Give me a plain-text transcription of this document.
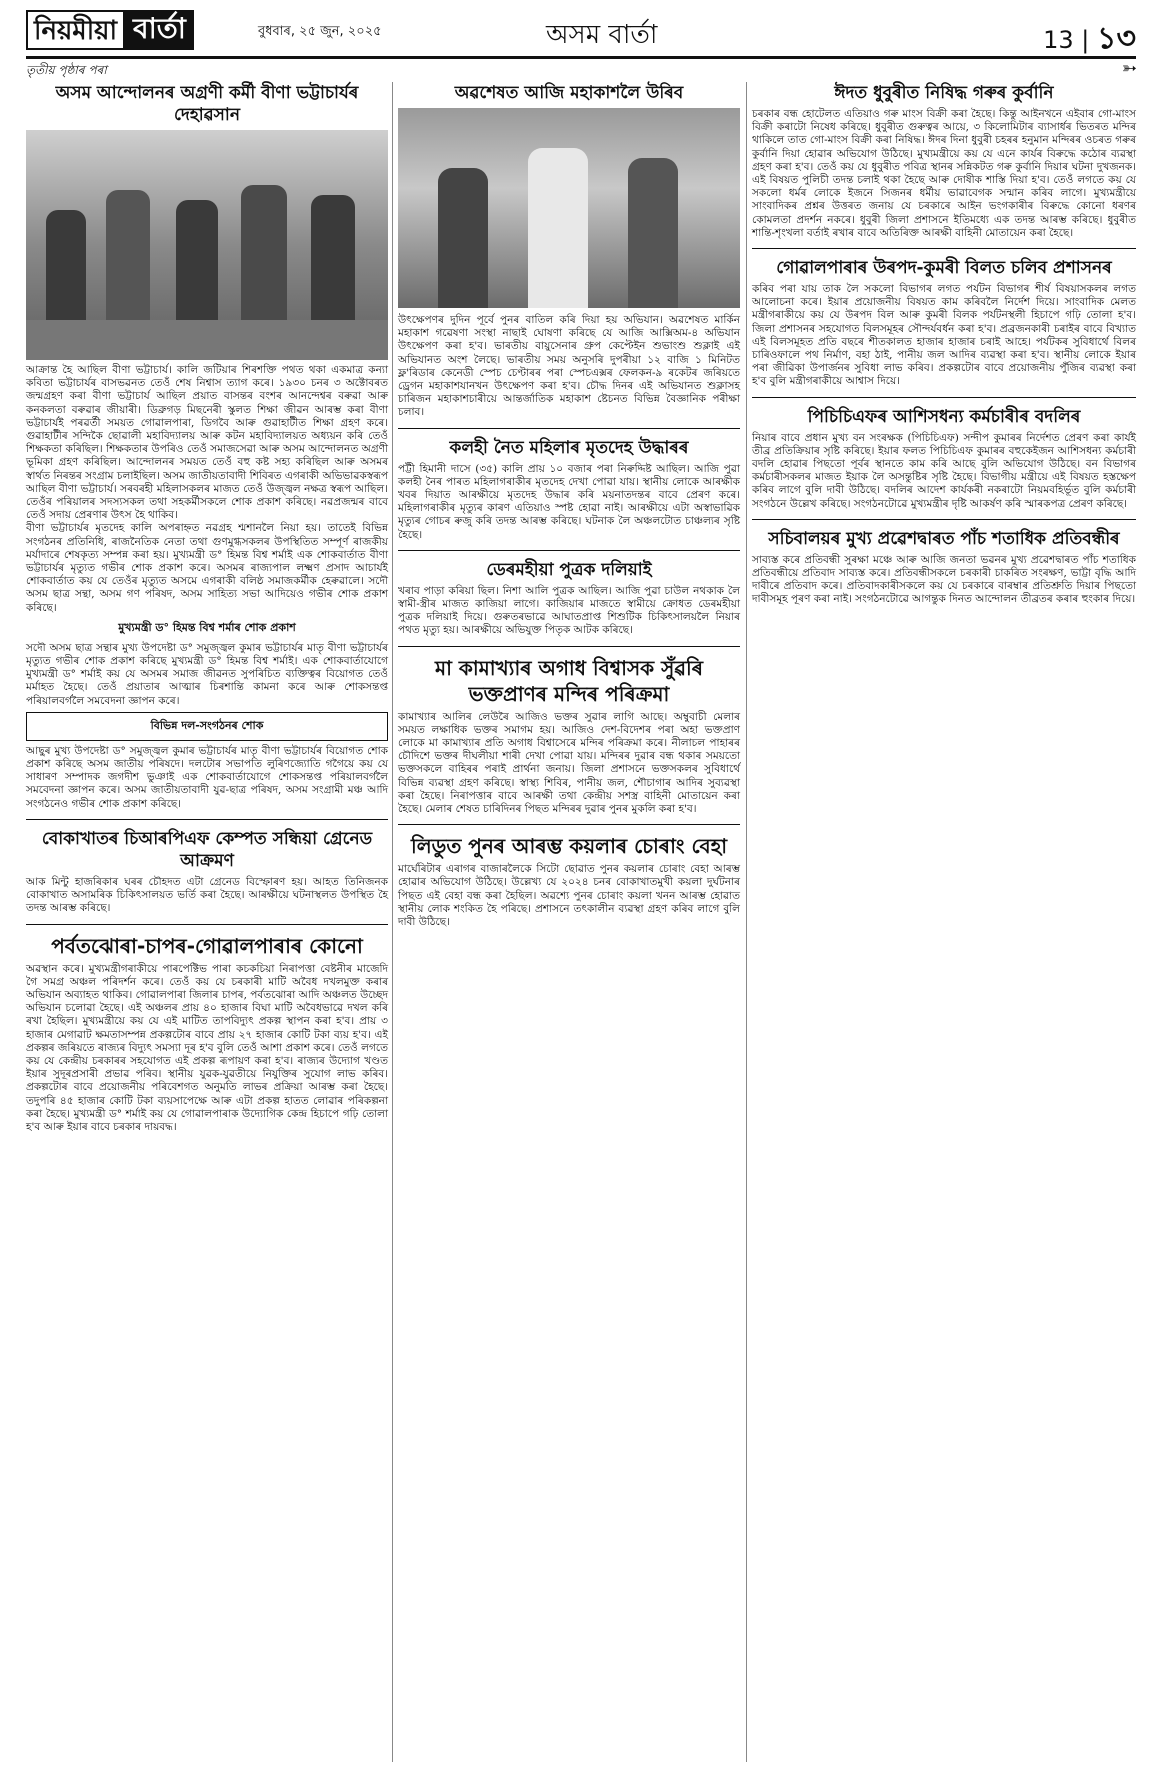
নিয়মীয়া বাৰ্তা	বুধবাৰ, ২৫ জুন, ২০২৫	অসম বাৰ্তা	13 | ১৩
তৃতীয় পৃষ্ঠাৰ পৰা	➳
অসম আন্দোলনৰ অগ্ৰণী কৰ্মী বীণা ভট্টাচাৰ্যৰ দেহাৱসান

আক্ৰান্ত হৈ আছিল বীণা ভট্টাচাৰ্য। কালি জটিয়াৰ শিৰশক্তি পথত থকা একমাত্ৰ কন্যা কবিতা ভট্টাচাৰ্যৰ বাসভৱনত তেওঁ শেষ নিশ্বাস ত্যাগ কৰে। ১৯৩০ চনৰ ৩ অক্টোবৰত জন্মগ্ৰহণ কৰা বীণা ভট্টাচাৰ্য আছিল প্ৰয়াত বাসন্তৰ বংশৰ আনন্দেশ্বৰ বৰুৱা আৰু কনকলতা বৰুৱাৰ জীয়াৰী। ডিব্ৰুগড় মিছনেৰী স্কুলত শিক্ষা জীৱন আৰম্ভ কৰা বীণা ভট্টাচাৰ্যই পৰৱৰ্তী সময়ত গোৱালপাৰা, ডিগবৈ আৰু গুৱাহাটীত শিক্ষা গ্ৰহণ কৰে। গুৱাহাটীৰ সন্দিকৈ ছোৱালী মহাবিদ্যালয় আৰু কটন মহাবিদ্যালয়ত অধ্যয়ন কৰি তেওঁ শিক্ষকতা কৰিছিল। শিক্ষকতাৰ উপৰিও তেওঁ সমাজসেৱা আৰু অসম আন্দোলনত অগ্ৰণী ভূমিকা গ্ৰহণ কৰিছিল। আন্দোলনৰ সময়ত তেওঁ বহু কষ্ট সহ্য কৰিছিল আৰু অসমৰ স্বাৰ্থত নিৰন্তৰ সংগ্ৰাম চলাইছিল। অসম জাতীয়তাবাদী শিবিৰত এগৰাকী অভিভাৱকস্বৰূপ আছিল বীণা ভট্টাচাৰ্য। সৰবৰহী মহিলাসকলৰ মাজত তেওঁ উজ্জ্বল নক্ষত্ৰ স্বৰূপ আছিল। তেওঁৰ পৰিয়ালৰ সদস্যসকল তথা সহকৰ্মীসকলে শোক প্ৰকাশ কৰিছে। নৱপ্ৰজন্মৰ বাবে তেওঁ সদায় প্ৰেৰণাৰ উৎস হৈ থাকিব।

বীণা ভট্টাচাৰ্যৰ মৃতদেহ কালি অপৰাহ্নত নৱগ্ৰহ শ্মশানলৈ নিয়া হয়। তাতেই বিভিন্ন সংগঠনৰ প্ৰতিনিধি, ৰাজনৈতিক নেতা তথা গুণমুগ্ধসকলৰ উপস্থিতিত সম্পূৰ্ণ ৰাজকীয় মৰ্যাদাৰে শেষকৃত্য সম্পন্ন কৰা হয়। মুখ্যমন্ত্ৰী ড° হিমন্ত বিশ্ব শৰ্মাই এক শোকবাৰ্তাত বীণা ভট্টাচাৰ্যৰ মৃত্যুত গভীৰ শোক প্ৰকাশ কৰে। অসমৰ ৰাজ্যপাল লক্ষ্মণ প্ৰসাদ আচাৰ্যই শোকবাৰ্তাত কয় যে তেওঁৰ মৃত্যুত অসমে এগৰাকী বলিষ্ঠ সমাজকৰ্মীক হেৰুৱালে। সদৌ অসম ছাত্ৰ সন্থা, অসম গণ পৰিষদ, অসম সাহিত্য সভা আদিয়েও গভীৰ শোক প্ৰকাশ কৰিছে।

মুখ্যমন্ত্ৰী ড° হিমন্ত বিশ্ব শৰ্মাৰ শোক প্ৰকাশ

সদৌ অসম ছাত্ৰ সন্থাৰ মুখ্য উপদেষ্টা ড° সমুজ্জ্বল কুমাৰ ভট্টাচাৰ্যৰ মাতৃ বীণা ভট্টাচাৰ্যৰ মৃত্যুত গভীৰ শোক প্ৰকাশ কৰিছে মুখ্যমন্ত্ৰী ড° হিমন্ত বিশ্ব শৰ্মাই। এক শোকবাৰ্তাযোগে মুখ্যমন্ত্ৰী ড° শৰ্মাই কয় যে অসমৰ সমাজ জীৱনত সুপৰিচিত ব্যক্তিত্বৰ বিয়োগত তেওঁ মৰ্মাহত হৈছে। তেওঁ প্ৰয়াতাৰ আত্মাৰ চিৰশান্তি কামনা কৰে আৰু শোকসন্তপ্ত পৰিয়ালবৰ্গলৈ সমবেদনা জ্ঞাপন কৰে।

বিভিন্ন দল-সংগঠনৰ শোক

আছুৰ মুখ্য উপদেষ্টা ড° সমুজ্জ্বল কুমাৰ ভট্টাচাৰ্যৰ মাতৃ বীণা ভট্টাচাৰ্যৰ বিয়োগত শোক প্ৰকাশ কৰিছে অসম জাতীয় পৰিষদে। দলটোৰ সভাপতি লুৰিণজ্যোতি গগৈয়ে কয় যে সাধাৰণ সম্পাদক জগদীশ ভুঞাই এক শোকবাৰ্তাযোগে শোকসন্তপ্ত পৰিয়ালবৰ্গলৈ সমবেদনা জ্ঞাপন কৰে। অসম জাতীয়তাবাদী যুৱ-ছাত্ৰ পৰিষদ, অসম সংগ্ৰামী মঞ্চ আদি সংগঠনেও গভীৰ শোক প্ৰকাশ কৰিছে।

বোকাখাতৰ চিআৰপিএফ কেম্পত সন্ধিয়া গ্ৰেনেড আক্ৰমণ

আক মিন্টু হাজৰিকাৰ ঘৰৰ চৌহদত এটা গ্ৰেনেড বিস্ফোৰণ হয়। আহত তিনিজনক বোকাখাত অসামৰিক চিকিৎসালয়ত ভৰ্তি কৰা হৈছে। আৰক্ষীয়ে ঘটনাস্থলত উপস্থিত হৈ তদন্ত আৰম্ভ কৰিছে।

পৰ্বতঝোৰা-চাপৰ-গোৱালপাৰাৰ কোনো

অৱস্থান কৰে। মুখ্যমন্ত্ৰীগৰাকীয়ে পাৰপেক্টিভ পাৰা কচকচিয়া নিৰাপত্তা বেষ্টনীৰ মাজেদি গৈ সমগ্ৰ অঞ্চল পৰিদৰ্শন কৰে। তেওঁ কয় যে চৰকাৰী মাটি অবৈধ দখলমুক্ত কৰাৰ অভিযান অব্যাহত থাকিব। গোৱালপাৰা জিলাৰ চাপৰ, পৰ্বতঝোৰা আদি অঞ্চলত উচ্ছেদ অভিযান চলোৱা হৈছে। এই অঞ্চলৰ প্ৰায় ৪০ হাজাৰ বিঘা মাটি অবৈধভাৱে দখল কৰি ৰখা হৈছিল। মুখ্যমন্ত্ৰীয়ে কয় যে এই মাটিত তাপবিদ্যুৎ প্ৰকল্প স্থাপন কৰা হ'ব। প্ৰায় ৩ হাজাৰ মেগাৱাট ক্ষমতাসম্পন্ন প্ৰকল্পটোৰ বাবে প্ৰায় ২৭ হাজাৰ কোটি টকা ব্যয় হ'ব। এই প্ৰকল্পৰ জৰিয়তে ৰাজ্যৰ বিদ্যুৎ সমস্যা দূৰ হ'ব বুলি তেওঁ আশা প্ৰকাশ কৰে। তেওঁ লগতে কয় যে কেন্দ্ৰীয় চৰকাৰৰ সহযোগত এই প্ৰকল্প ৰূপায়ণ কৰা হ'ব। ৰাজ্যৰ উদ্যোগ খণ্ডত ইয়াৰ সুদূৰপ্ৰসাৰী প্ৰভাৱ পৰিব। স্থানীয় যুৱক-যুৱতীয়ে নিযুক্তিৰ সুযোগ লাভ কৰিব। প্ৰকল্পটোৰ বাবে প্ৰয়োজনীয় পৰিবেশগত অনুমতি লাভৰ প্ৰক্ৰিয়া আৰম্ভ কৰা হৈছে। তদুপৰি ৪৫ হাজাৰ কোটি টকা ব্যয়সাপেক্ষে আৰু এটা প্ৰকল্প হাতত লোৱাৰ পৰিকল্পনা কৰা হৈছে। মুখ্যমন্ত্ৰী ড° শৰ্মাই কয় যে গোৱালপাৰাক উদ্যোগিক কেন্দ্ৰ হিচাপে গঢ়ি তোলা হ'ব আৰু ইয়াৰ বাবে চৰকাৰ দায়বদ্ধ।

অৱশেষত আজি মহাকাশলৈ উৰিব

উৎক্ষেপণৰ দুদিন পূৰ্বে পুনৰ বাতিল কৰি দিয়া হয় অভিযান। অৱশেষত মাৰ্কিন মহাকাশ গৱেষণা সংস্থা নাছাই ঘোষণা কৰিছে যে আজি আক্সিঅম-৪ অভিযান উৎক্ষেপণ কৰা হ'ব। ভাৰতীয় বায়ুসেনাৰ গ্ৰুপ কেপ্টেইন শুভাংশু শুক্লাই এই অভিযানত অংশ লৈছে। ভাৰতীয় সময় অনুসৰি দুপৰীয়া ১২ বাজি ১ মিনিটত ফ্ল'ৰিডাৰ কেনেডী স্পেচ চেণ্টাৰৰ পৰা স্পেচএক্সৰ ফেলকন-৯ ৰকেটৰ জৰিয়তে ড্ৰেগন মহাকাশযানখন উৎক্ষেপণ কৰা হ'ব। চৌদ্ধ দিনৰ এই অভিযানত শুক্লাসহ চাৰিজন মহাকাশচাৰীয়ে আন্তৰ্জাতিক মহাকাশ ষ্টেচনত বিভিন্ন বৈজ্ঞানিক পৰীক্ষা চলাব।

কলহী নৈত মহিলাৰ মৃতদেহ উদ্ধাৰৰ

পট্টী হিমানী দাসে (৩৫) কালি প্ৰায় ১০ বজাৰ পৰা নিৰুদ্দিষ্ট আছিল। আজি পুৱা কলহী নৈৰ পাৰত মহিলাগৰাকীৰ মৃতদেহ দেখা পোৱা যায়। স্থানীয় লোকে আৰক্ষীক খবৰ দিয়াত আৰক্ষীয়ে মৃতদেহ উদ্ধাৰ কৰি ময়নাতদন্তৰ বাবে প্ৰেৰণ কৰে। মহিলাগৰাকীৰ মৃত্যুৰ কাৰণ এতিয়াও স্পষ্ট হোৱা নাই। আৰক্ষীয়ে এটা অস্বাভাৱিক মৃত্যুৰ গোচৰ ৰুজু কৰি তদন্ত আৰম্ভ কৰিছে। ঘটনাক লৈ অঞ্চলটোত চাঞ্চল্যৰ সৃষ্টি হৈছে।

ডেৰমহীয়া পুত্ৰক দলিয়াই

খৰাব পাড়া কৰিয়া ছিল। নিশা আলি পুত্ৰক আছিল। আজি পুৱা চাউল নথকাক লৈ স্বামী-স্ত্ৰীৰ মাজত কাজিয়া লাগে। কাজিয়াৰ মাজতে স্বামীয়ে ক্ৰোধত ডেৰমহীয়া পুত্ৰক দলিয়াই দিয়ে। গুৰুতৰভাৱে আঘাতপ্ৰাপ্ত শিশুটিক চিকিৎসালয়লৈ নিয়াৰ পথত মৃত্যু হয়। আৰক্ষীয়ে অভিযুক্ত পিতৃক আটক কৰিছে।

মা কামাখ্যাৰ অগাধ বিশ্বাসক সুঁৱৰি ভক্তপ্ৰাণৰ মন্দিৰ পৰিক্ৰমা

কামাখ্যাৰ আলিৰ লেউৰৈ আজিও ভক্তৰ সুৱাৰ লাগি আছে। অম্বুবাচী মেলাৰ সময়ত লক্ষাধিক ভক্তৰ সমাগম হয়। আজিও দেশ-বিদেশৰ পৰা অহা ভক্তপ্ৰাণ লোকে মা কামাখ্যাৰ প্ৰতি অগাধ বিশ্বাসেৰে মন্দিৰ পৰিক্ৰমা কৰে। নীলাচল পাহাৰৰ চৌদিশে ভক্তৰ দীঘলীয়া শাৰী দেখা পোৱা যায়। মন্দিৰৰ দুৱাৰ বন্ধ থকাৰ সময়তো ভক্তসকলে বাহিৰৰ পৰাই প্ৰাৰ্থনা জনায়। জিলা প্ৰশাসনে ভক্তসকলৰ সুবিধাৰ্থে বিভিন্ন ব্যৱস্থা গ্ৰহণ কৰিছে। স্বাস্থ্য শিবিৰ, পানীয় জল, শৌচাগাৰ আদিৰ সুব্যৱস্থা কৰা হৈছে। নিৰাপত্তাৰ বাবে আৰক্ষী তথা কেন্দ্ৰীয় সশস্ত্ৰ বাহিনী মোতায়েন কৰা হৈছে। মেলাৰ শেষত চাৰিদিনৰ পিছত মন্দিৰৰ দুৱাৰ পুনৰ মুকলি কৰা হ'ব।

লিডুত পুনৰ আৰম্ভ কয়লাৰ চোৰাং বেহা

মাৰ্ঘেৰিটাৰ এৰাগৰ বাজাৰলৈকে সিটো ছোৱাত পুনৰ কয়লাৰ চোৰাং বেহা আৰম্ভ হোৱাৰ অভিযোগ উঠিছে। উল্লেখ্য যে ২০২৪ চনৰ বোকাখাতমুখী কয়লা দুৰ্ঘটনাৰ পিছত এই বেহা বন্ধ কৰা হৈছিল। অৱশ্যে পুনৰ চোৰাং কয়লা খনন আৰম্ভ হোৱাত স্থানীয় লোক শংকিত হৈ পৰিছে। প্ৰশাসনে তৎকালীন ব্যৱস্থা গ্ৰহণ কৰিব লাগে বুলি দাবী উঠিছে।

ঈদত ধুবুৰীত নিষিদ্ধ গৰুৰ কুৰ্বানি

চৰকাৰ বন্ধ হোটেলত এতিয়াও গৰু মাংস বিক্ৰী কৰা হৈছে। কিন্তু আইনখনে এইবাৰ গো-মাংস বিক্ৰী কৰাটো নিষেধ কৰিছে। ধুবুৰীত গুৰুত্বৰ আয়ে, ৩ কিলোমিটাৰ ব্যাসাৰ্ধৰ ভিতৰত মন্দিৰ থাকিলে তাত গো-মাংস বিক্ৰী কৰা নিষিদ্ধ। ঈদৰ দিনা ধুবুৰী চহৰৰ হনুমান মন্দিৰৰ ওচৰত গৰুৰ কুৰ্বানি দিয়া হোৱাৰ অভিযোগ উঠিছে। মুখ্যমন্ত্ৰীয়ে কয় যে এনে কাৰ্যৰ বিৰুদ্ধে কঠোৰ ব্যৱস্থা গ্ৰহণ কৰা হ'ব। তেওঁ কয় যে ধুবুৰীত পবিত্ৰ স্থানৰ সন্নিকটত গৰু কুৰ্বানি দিয়াৰ ঘটনা দুখজনক। এই বিষয়ত পুলিচী তদন্ত চলাই থকা হৈছে আৰু দোষীক শাস্তি দিয়া হ'ব। তেওঁ লগতে কয় যে সকলো ধৰ্মৰ লোকে ইজনে সিজনৰ ধৰ্মীয় ভাৱাবেগক সন্মান কৰিব লাগে। মুখ্যমন্ত্ৰীয়ে সাংবাদিকৰ প্ৰশ্নৰ উত্তৰত জনায় যে চৰকাৰে আইন ভংগকাৰীৰ বিৰুদ্ধে কোনো ধৰণৰ কোমলতা প্ৰদৰ্শন নকৰে। ধুবুৰী জিলা প্ৰশাসনে ইতিমধ্যে এক তদন্ত আৰম্ভ কৰিছে। ধুবুৰীত শান্তি-শৃংখলা বৰ্তাই ৰখাৰ বাবে অতিৰিক্ত আৰক্ষী বাহিনী মোতায়েন কৰা হৈছে।

গোৱালপাৰাৰ উৰপদ-কুমৰী বিলত চলিব প্ৰশাসনৰ

কৰিব পৰা যায় তাক লৈ সকলো বিভাগৰ লগত পৰ্যটন বিভাগৰ শীৰ্ষ বিষয়াসকলৰ লগত আলোচনা কৰে। ইয়াৰ প্ৰয়োজনীয় বিষয়ত কাম কৰিবলৈ নিৰ্দেশ দিয়ে। সাংবাদিক মেলত মন্ত্ৰীগৰাকীয়ে কয় যে উৰপদ বিল আৰু কুমৰী বিলক পৰ্যটনস্থলী হিচাপে গঢ়ি তোলা হ'ব। জিলা প্ৰশাসনৰ সহযোগত বিলসমূহৰ সৌন্দৰ্যবৰ্ধন কৰা হ'ব। প্ৰব্ৰজনকাৰী চৰাইৰ বাবে বিখ্যাত এই বিলসমূহত প্ৰতি বছৰে শীতকালত হাজাৰ হাজাৰ চৰাই আহে। পৰ্যটকৰ সুবিধাৰ্থে বিলৰ চাৰিওফালে পথ নিৰ্মাণ, বহা ঠাই, পানীয় জল আদিৰ ব্যৱস্থা কৰা হ'ব। স্থানীয় লোকে ইয়াৰ পৰা জীৱিকা উপাৰ্জনৰ সুবিধা লাভ কৰিব। প্ৰকল্পটোৰ বাবে প্ৰয়োজনীয় পুঁজিৰ ব্যৱস্থা কৰা হ'ব বুলি মন্ত্ৰীগৰাকীয়ে আশ্বাস দিয়ে।

পিচিচিএফৰ আশিসধন্য কৰ্মচাৰীৰ বদলিৰ

নিয়াৰ বাবে প্ৰধান মুখ্য বন সংৰক্ষক (পিচিচিএফ) সন্দীপ কুমাৰৰ নিৰ্দেশত প্ৰেৰণ কৰা কাৰ্যই তীব্ৰ প্ৰতিক্ৰিয়াৰ সৃষ্টি কৰিছে। ইয়াৰ ফলত পিচিচিএফ কুমাৰৰ বহুকেইজন আশিসধন্য কৰ্মচাৰী বদলি হোৱাৰ পিছতো পূৰ্বৰ স্থানতে কাম কৰি আছে বুলি অভিযোগ উঠিছে। বন বিভাগৰ কৰ্মচাৰীসকলৰ মাজত ইয়াক লৈ অসন্তুষ্টিৰ সৃষ্টি হৈছে। বিভাগীয় মন্ত্ৰীয়ে এই বিষয়ত হস্তক্ষেপ কৰিব লাগে বুলি দাবী উঠিছে। বদলিৰ আদেশ কাৰ্যকৰী নকৰাটো নিয়মবহিৰ্ভূত বুলি কৰ্মচাৰী সংগঠনে উল্লেখ কৰিছে। সংগঠনটোৱে মুখ্যমন্ত্ৰীৰ দৃষ্টি আকৰ্ষণ কৰি স্মাৰকপত্ৰ প্ৰেৰণ কৰিছে।

সচিবালয়ৰ মুখ্য প্ৰৱেশদ্বাৰত পাঁচ শতাধিক প্ৰতিবন্ধীৰ

সাব্যস্ত কৰে প্ৰতিবন্ধী সুৰক্ষা মঞ্চে আৰু আজি জনতা ভৱনৰ মুখ্য প্ৰৱেশদ্বাৰত পাঁচ শতাধিক প্ৰতিবন্ধীয়ে প্ৰতিবাদ সাব্যস্ত কৰে। প্ৰতিবন্ধীসকলে চৰকাৰী চাকৰিত সংৰক্ষণ, ভাট্টা বৃদ্ধি আদি দাবীৰে প্ৰতিবাদ কৰে। প্ৰতিবাদকাৰীসকলে কয় যে চৰকাৰে বাৰম্বাৰ প্ৰতিশ্ৰুতি দিয়াৰ পিছতো দাবীসমূহ পূৰণ কৰা নাই। সংগঠনটোৱে আগন্তুক দিনত আন্দোলন তীব্ৰতৰ কৰাৰ হুংকাৰ দিয়ে।
